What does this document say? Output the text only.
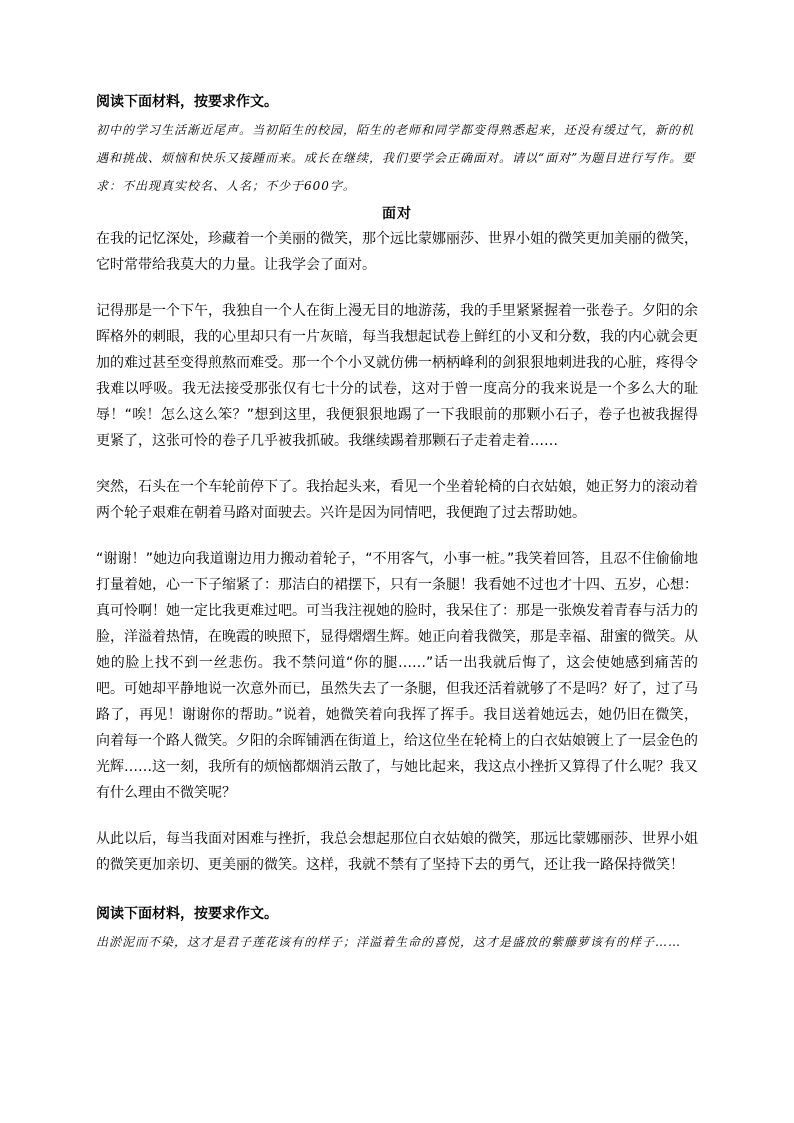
阅读下面材料，按要求作文。

初中的学习生活渐近尾声。当初陌生的校园，陌生的老师和同学都变得熟悉起来，还没有缓过气，新的机遇和挑战、烦恼和快乐又接踵而来。成长在继续，我们要学会正确面对。请以“面对”为题目进行写作。要求：不出现真实校名、人名；不少于600字。

面对

在我的记忆深处，珍藏着一个美丽的微笑，那个远比蒙娜丽莎、世界小姐的微笑更加美丽的微笑，它时常带给我莫大的力量。让我学会了面对。

记得那是一个下午，我独自一个人在街上漫无目的地游荡，我的手里紧紧握着一张卷子。夕阳的余晖格外的刺眼，我的心里却只有一片灰暗，每当我想起试卷上鲜红的小叉和分数，我的内心就会更加的难过甚至变得煎熬而难受。那一个个小叉就仿佛一柄柄峰利的剑狠狠地刺进我的心脏，疼得令我难以呼吸。我无法接受那张仅有七十分的试卷，这对于曾一度高分的我来说是一个多么大的耻辱！“唉！怎么这么笨？”想到这里，我便狠狠地踢了一下我眼前的那颗小石子，卷子也被我握得更紧了，这张可怜的卷子几乎被我抓破。我继续踢着那颗石子走着走着……

突然，石头在一个车轮前停下了。我抬起头来，看见一个坐着轮椅的白衣姑娘，她正努力的滚动着两个轮子艰难在朝着马路对面驶去。兴许是因为同情吧，我便跑了过去帮助她。

“谢谢！”她边向我道谢边用力搬动着轮子，“不用客气，小事一桩。”我笑着回答，且忍不住偷偷地打量着她，心一下子缩紧了：那洁白的裙摆下，只有一条腿！我看她不过也才十四、五岁，心想：真可怜啊！她一定比我更难过吧。可当我注视她的脸时，我呆住了：那是一张焕发着青春与活力的脸，洋溢着热情，在晚霞的映照下，显得熠熠生辉。她正向着我微笑，那是幸福、甜蜜的微笑。从她的脸上找不到一丝悲伤。我不禁问道“你的腿……”话一出我就后悔了，这会使她感到痛苦的吧。可她却平静地说一次意外而已，虽然失去了一条腿，但我还活着就够了不是吗？好了，过了马路了，再见！谢谢你的帮助。”说着，她微笑着向我挥了挥手。我目送着她远去，她仍旧在微笑，向着每一个路人微笑。夕阳的余晖铺洒在街道上，给这位坐在轮椅上的白衣姑娘镀上了一层金色的光辉……这一刻，我所有的烦恼都烟消云散了，与她比起来，我这点小挫折又算得了什么呢？我又有什么理由不微笑呢？

从此以后，每当我面对困难与挫折，我总会想起那位白衣姑娘的微笑，那远比蒙娜丽莎、世界小姐的微笑更加亲切、更美丽的微笑。这样，我就不禁有了坚持下去的勇气，还让我一路保持微笑！

阅读下面材料，按要求作文。

出淤泥而不染，这才是君子莲花该有的样子；洋溢着生命的喜悦，这才是盛放的紫藤萝该有的样子……
